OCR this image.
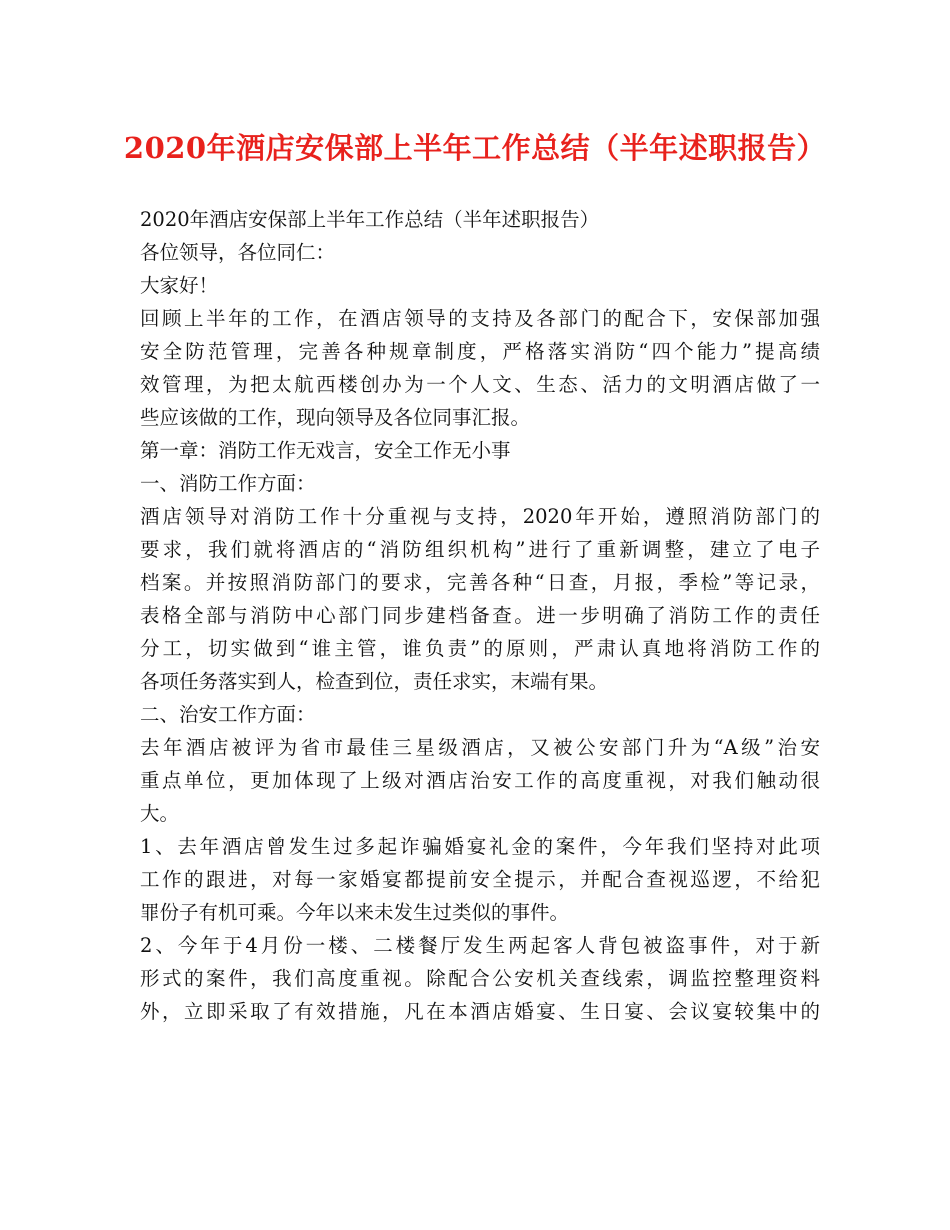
2020年酒店安保部上半年工作总结（半年述职报告）
2020年酒店安保部上半年工作总结（半年述职报告）
各位领导，各位同仁：
大家好！
回顾上半年的工作，在酒店领导的支持及各部门的配合下，安保部加强
安全防范管理，完善各种规章制度，严格落实消防“四个能力”提高绩
效管理，为把太航西楼创办为一个人文、生态、活力的文明酒店做了一
些应该做的工作，现向领导及各位同事汇报。
第一章：消防工作无戏言，安全工作无小事
一、消防工作方面：
酒店领导对消防工作十分重视与支持，2020年开始，遵照消防部门的
要求，我们就将酒店的“消防组织机构”进行了重新调整，建立了电子
档案。并按照消防部门的要求，完善各种“日查，月报，季检”等记录，
表格全部与消防中心部门同步建档备查。进一步明确了消防工作的责任
分工，切实做到“谁主管，谁负责”的原则，严肃认真地将消防工作的
各项任务落实到人，检查到位，责任求实，末端有果。
二、治安工作方面：
去年酒店被评为省市最佳三星级酒店，又被公安部门升为“A级”治安
重点单位，更加体现了上级对酒店治安工作的高度重视，对我们触动很
大。
1、去年酒店曾发生过多起诈骗婚宴礼金的案件，今年我们坚持对此项
工作的跟进，对每一家婚宴都提前安全提示，并配合查视巡逻，不给犯
罪份子有机可乘。今年以来未发生过类似的事件。
2、今年于4月份一楼、二楼餐厅发生两起客人背包被盗事件，对于新
形式的案件，我们高度重视。除配合公安机关查线索，调监控整理资料
外，立即采取了有效措施，凡在本酒店婚宴、生日宴、会议宴较集中的
